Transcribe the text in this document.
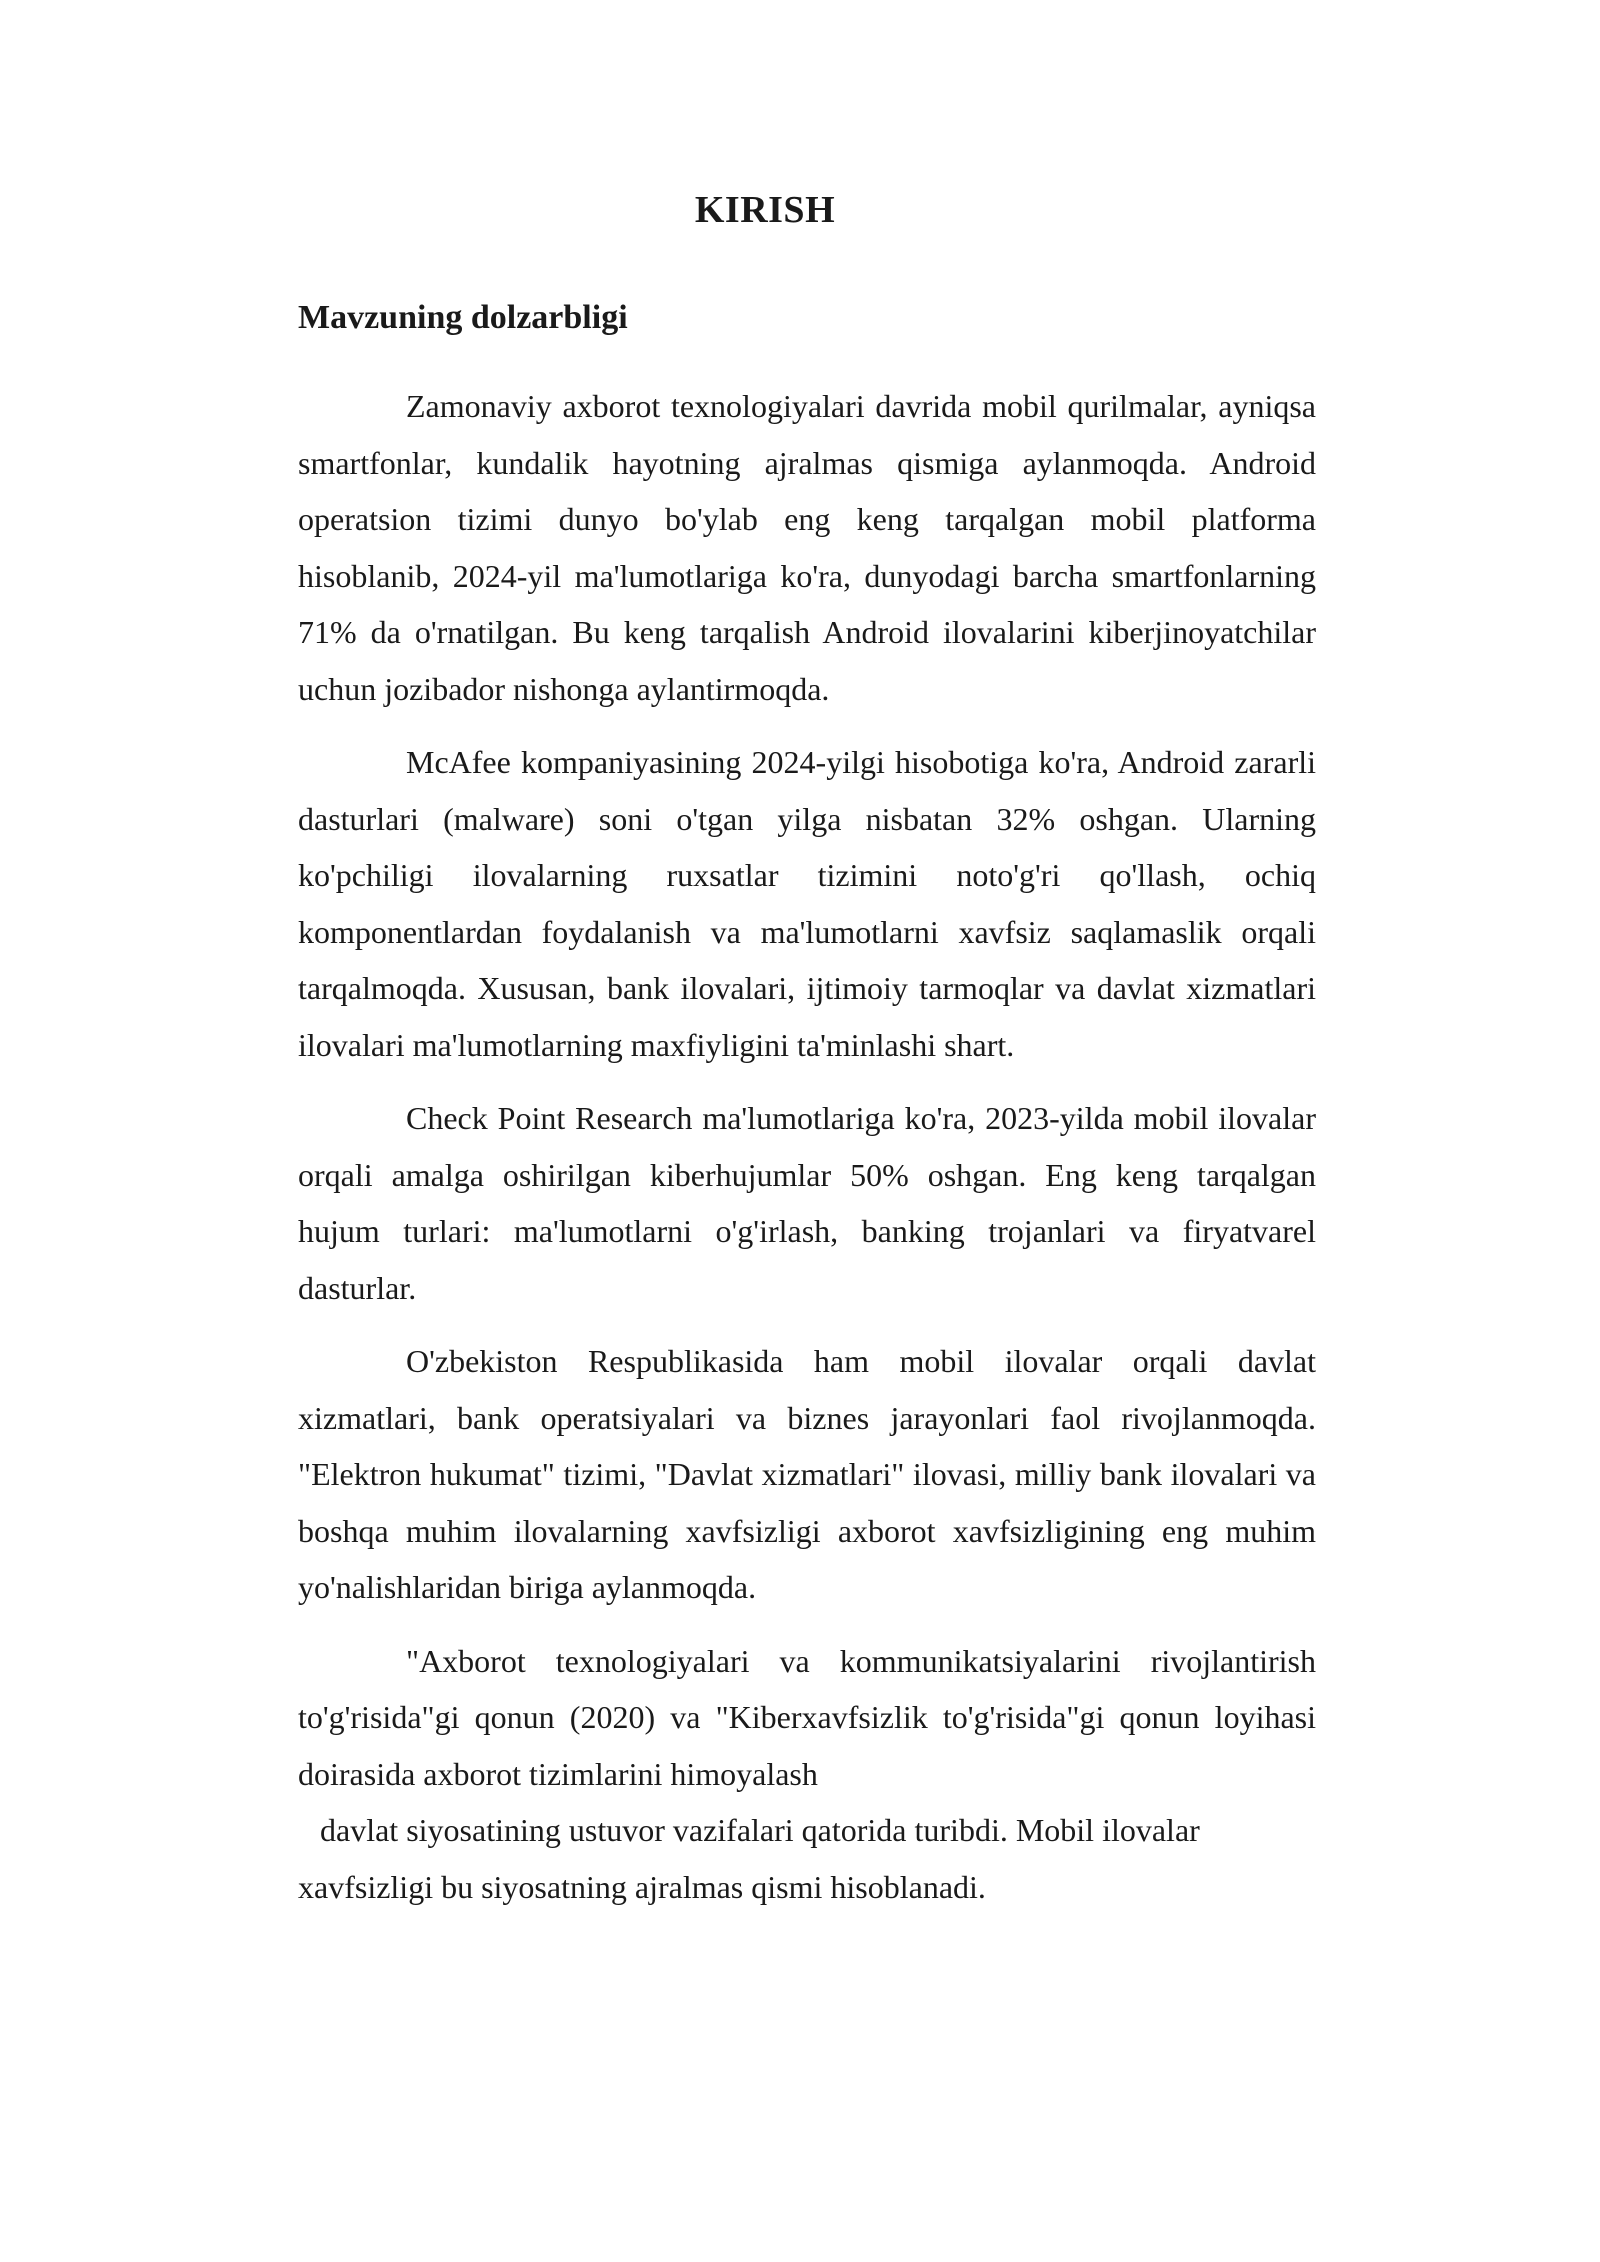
KIRISH
Mavzuning dolzarbligi

Zamonaviy axborot texnologiyalari davrida mobil qurilmalar, ayniqsa smartfonlar, kundalik hayotning ajralmas qismiga aylanmoqda. Android operatsion tizimi dunyo bo'ylab eng keng tarqalgan mobil platforma hisoblanib, 2024-yil ma'lumotlariga ko'ra, dunyodagi barcha smartfonlarning 71% da o'rnatilgan. Bu keng tarqalish Android ilovalarini kiberjinoyatchilar uchun jozibador nishonga aylantirmoqda.

McAfee kompaniyasining 2024-yilgi hisobotiga ko'ra, Android zararli dasturlari (malware) soni o'tgan yilga nisbatan 32% oshgan. Ularning ko'pchiligi ilovalarning ruxsatlar tizimini noto'g'ri qo'llash, ochiq komponentlardan foydalanish va ma'lumotlarni xavfsiz saqlamaslik orqali tarqalmoqda. Xususan, bank ilovalari, ijtimoiy tarmoqlar va davlat xizmatlari ilovalari ma'lumotlarning maxfiyligini ta'minlashi shart.

Check Point Research ma'lumotlariga ko'ra, 2023-yilda mobil ilovalar orqali amalga oshirilgan kiberhujumlar 50% oshgan. Eng keng tarqalgan hujum turlari: ma'lumotlarni o'g'irlash, banking trojanlari va firyatvarel dasturlar.

O'zbekiston Respublikasida ham mobil ilovalar orqali davlat xizmatlari, bank operatsiyalari va biznes jarayonlari faol rivojlanmoqda. "Elektron hukumat" tizimi, "Davlat xizmatlari" ilovasi, milliy bank ilovalari va boshqa muhim ilovalarning xavfsizligi axborot xavfsizligining eng muhim yo'nalishlaridan biriga aylanmoqda.

"Axborot texnologiyalari va kommunikatsiyalarini rivojlantirish to'g'risida"gi qonun (2020) va "Kiberxavfsizlik to'g'risida"gi qonun loyihasi doirasida axborot tizimlarini himoyalash

davlat siyosatining ustuvor vazifalari qatorida turibdi. Mobil ilovalar
xavfsizligi bu siyosatning ajralmas qismi hisoblanadi.
